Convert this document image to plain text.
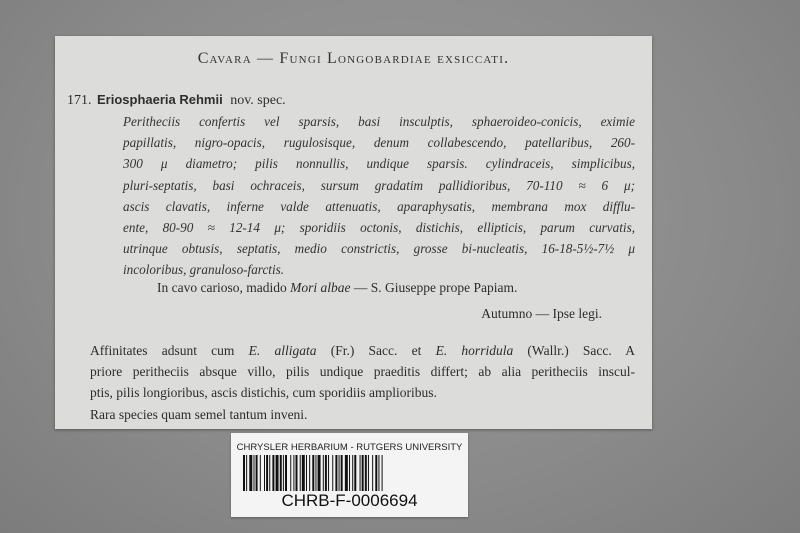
Cavara — Fungi Longobardiae exsiccati.
171. Eriosphaeria Rehmii nov. spec.
Peritheciis confertis vel sparsis, basi insculptis, sphaeroideo-conicis, eximie
papillatis, nigro-opacis, rugulosisque, denum collabescendo, patellaribus, 260-
300 μ diametro; pilis nonnullis, undique sparsis. cylindraceis, simplicibus,
pluri-septatis, basi ochraceis, sursum gradatim pallidioribus, 70-110 ≈ 6 μ;
ascis clavatis, inferne valde attenuatis, aparaphysatis, membrana mox difflu-
ente, 80-90 ≈ 12-14 μ; sporidiis octonis, distichis, ellipticis, parum curvatis,
utrinque obtusis, septatis, medio constrictis, grosse bi-nucleatis, 16-18-5½-7½ μ
incoloribus, granuloso-farctis.
In cavo carioso, madido Mori albae — S. Giuseppe prope Papiam.
Autumno — Ipse legi.
Affinitates adsunt cum E. alligata (Fr.) Sacc. et E. horridula (Wallr.) Sacc. A
priore peritheciis absque villo, pilis undique praeditis differt; ab alia peritheciis inscul-
ptis, pilis longioribus, ascis distichis, cum sporidiis amplioribus.
Rara species quam semel tantum inveni.
CHRYSLER HERBARIUM - RUTGERS UNIVERSITY
CHRB-F-0006694
